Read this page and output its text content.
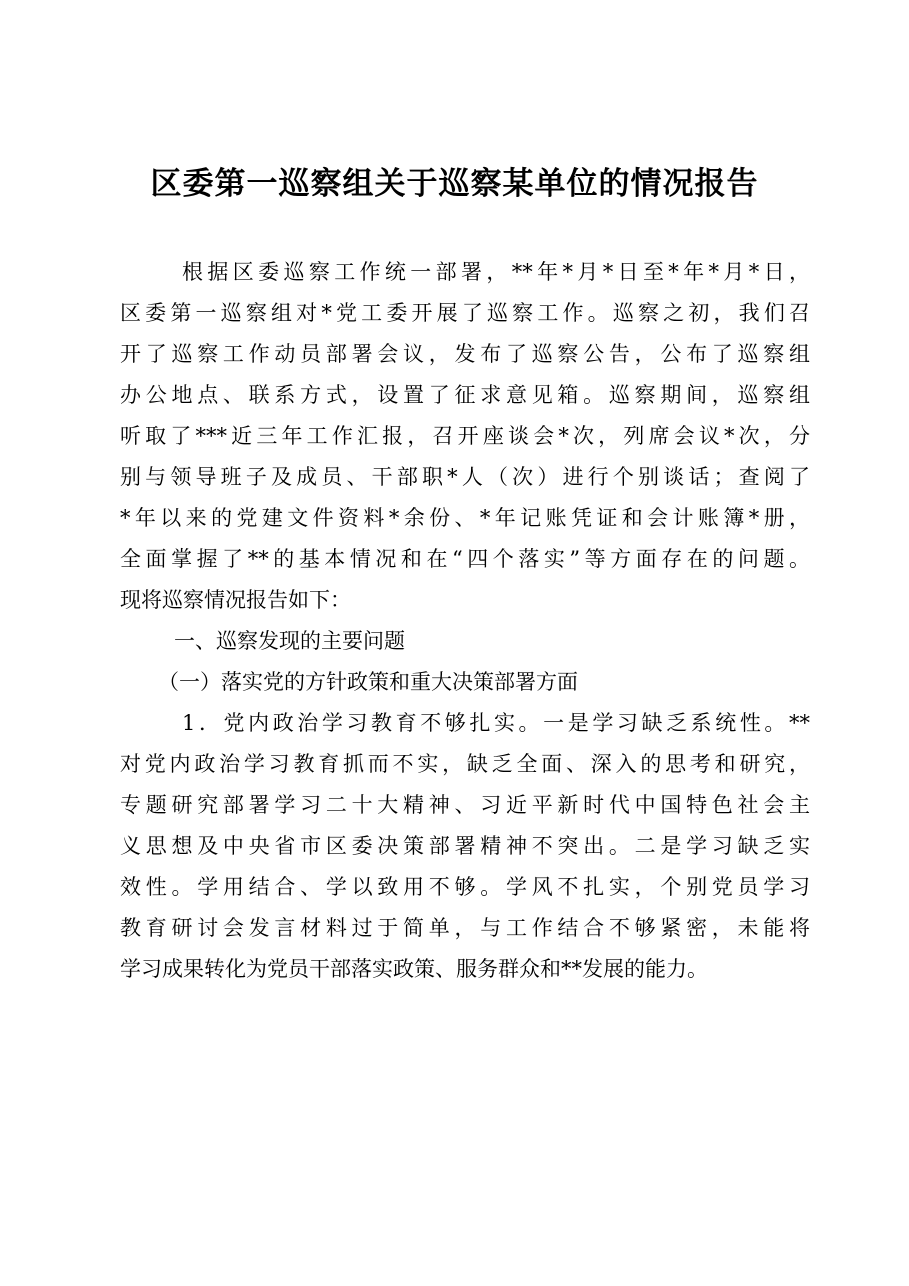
区委第一巡察组关于巡察某单位的情况报告
根据区委巡察工作统一部署，**年*月*日至*年*月*日，
区委第一巡察组对*党工委开展了巡察工作。巡察之初，我们召
开了巡察工作动员部署会议，发布了巡察公告，公布了巡察组
办公地点、联系方式，设置了征求意见箱。巡察期间，巡察组
听取了***近三年工作汇报，召开座谈会*次，列席会议*次，分
别与领导班子及成员、干部职*人（次）进行个别谈话；查阅了
*年以来的党建文件资料*余份、*年记账凭证和会计账簿*册，
全面掌握了**的基本情况和在“四个落实”等方面存在的问题。
现将巡察情况报告如下：
一、巡察发现的主要问题
（一）落实党的方针政策和重大决策部署方面
1．党内政治学习教育不够扎实。一是学习缺乏系统性。**
对党内政治学习教育抓而不实，缺乏全面、深入的思考和研究，
专题研究部署学习二十大精神、习近平新时代中国特色社会主
义思想及中央省市区委决策部署精神不突出。二是学习缺乏实
效性。学用结合、学以致用不够。学风不扎实，个别党员学习
教育研讨会发言材料过于简单，与工作结合不够紧密，未能将
学习成果转化为党员干部落实政策、服务群众和**发展的能力。
